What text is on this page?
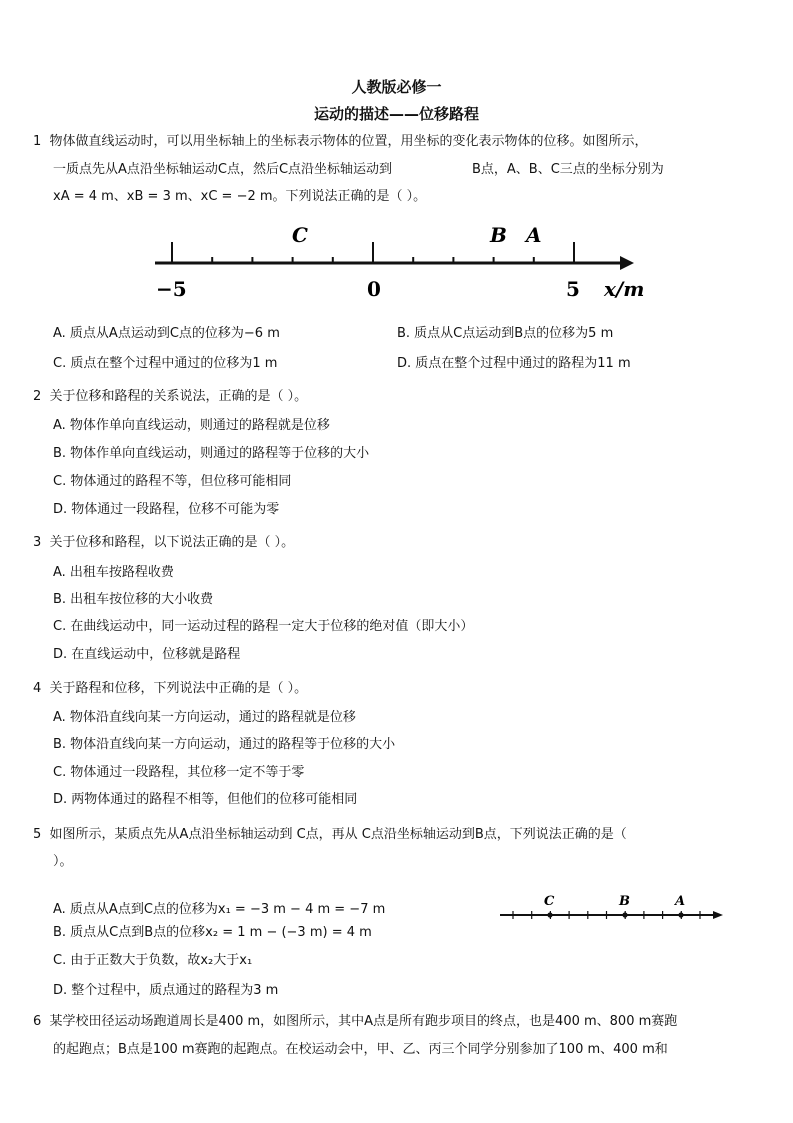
人教版必修一
运动的描述——位移路程
1 物体做直线运动时，可以用坐标轴上的坐标表示物体的位置，用坐标的变化表示物体的位移。如图所示，
一质点先从A点沿坐标轴运动C点，然后C点沿坐标轴运动到	B点，A、B、C三点的坐标分别为
xA = 4 m、xB = 3 m、xC = −2 m。下列说法正确的是（ ）。
C	B A
−5	0	5 x/m
A. 质点从A点运动到C点的位移为−6 m	B. 质点从C点运动到B点的位移为5 m
C. 质点在整个过程中通过的位移为1 m	D. 质点在整个过程中通过的路程为11 m
2 关于位移和路程的关系说法，正确的是（ ）。
A. 物体作单向直线运动，则通过的路程就是位移
B. 物体作单向直线运动，则通过的路程等于位移的大小
C. 物体通过的路程不等，但位移可能相同
D. 物体通过一段路程，位移不可能为零
3 关于位移和路程，以下说法正确的是（ ）。
A. 出租车按路程收费
B. 出租车按位移的大小收费
C. 在曲线运动中，同一运动过程的路程一定大于位移的绝对值（即大小）
D. 在直线运动中，位移就是路程
4 关于路程和位移，下列说法中正确的是（ ）。
A. 物体沿直线向某一方向运动，通过的路程就是位移
B. 物体沿直线向某一方向运动，通过的路程等于位移的大小
C. 物体通过一段路程，其位移一定不等于零
D. 两物体通过的路程不相等，但他们的位移可能相同
5 如图所示，某质点先从A点沿坐标轴运动到 C点，再从 C点沿坐标轴运动到B点，下列说法正确的是（
）。
C	B	A
A. 质点从A点到C点的位移为x₁ = −3 m − 4 m = −7 m
B. 质点从C点到B点的位移x₂ = 1 m − (−3 m) = 4 m
C. 由于正数大于负数，故x₂大于x₁
D. 整个过程中，质点通过的路程为3 m
6 某学校田径运动场跑道周长是400 m，如图所示，其中A点是所有跑步项目的终点，也是400 m、800 m赛跑
的起跑点；B点是100 m赛跑的起跑点。在校运动会中，甲、乙、丙三个同学分别参加了100 m、400 m和
